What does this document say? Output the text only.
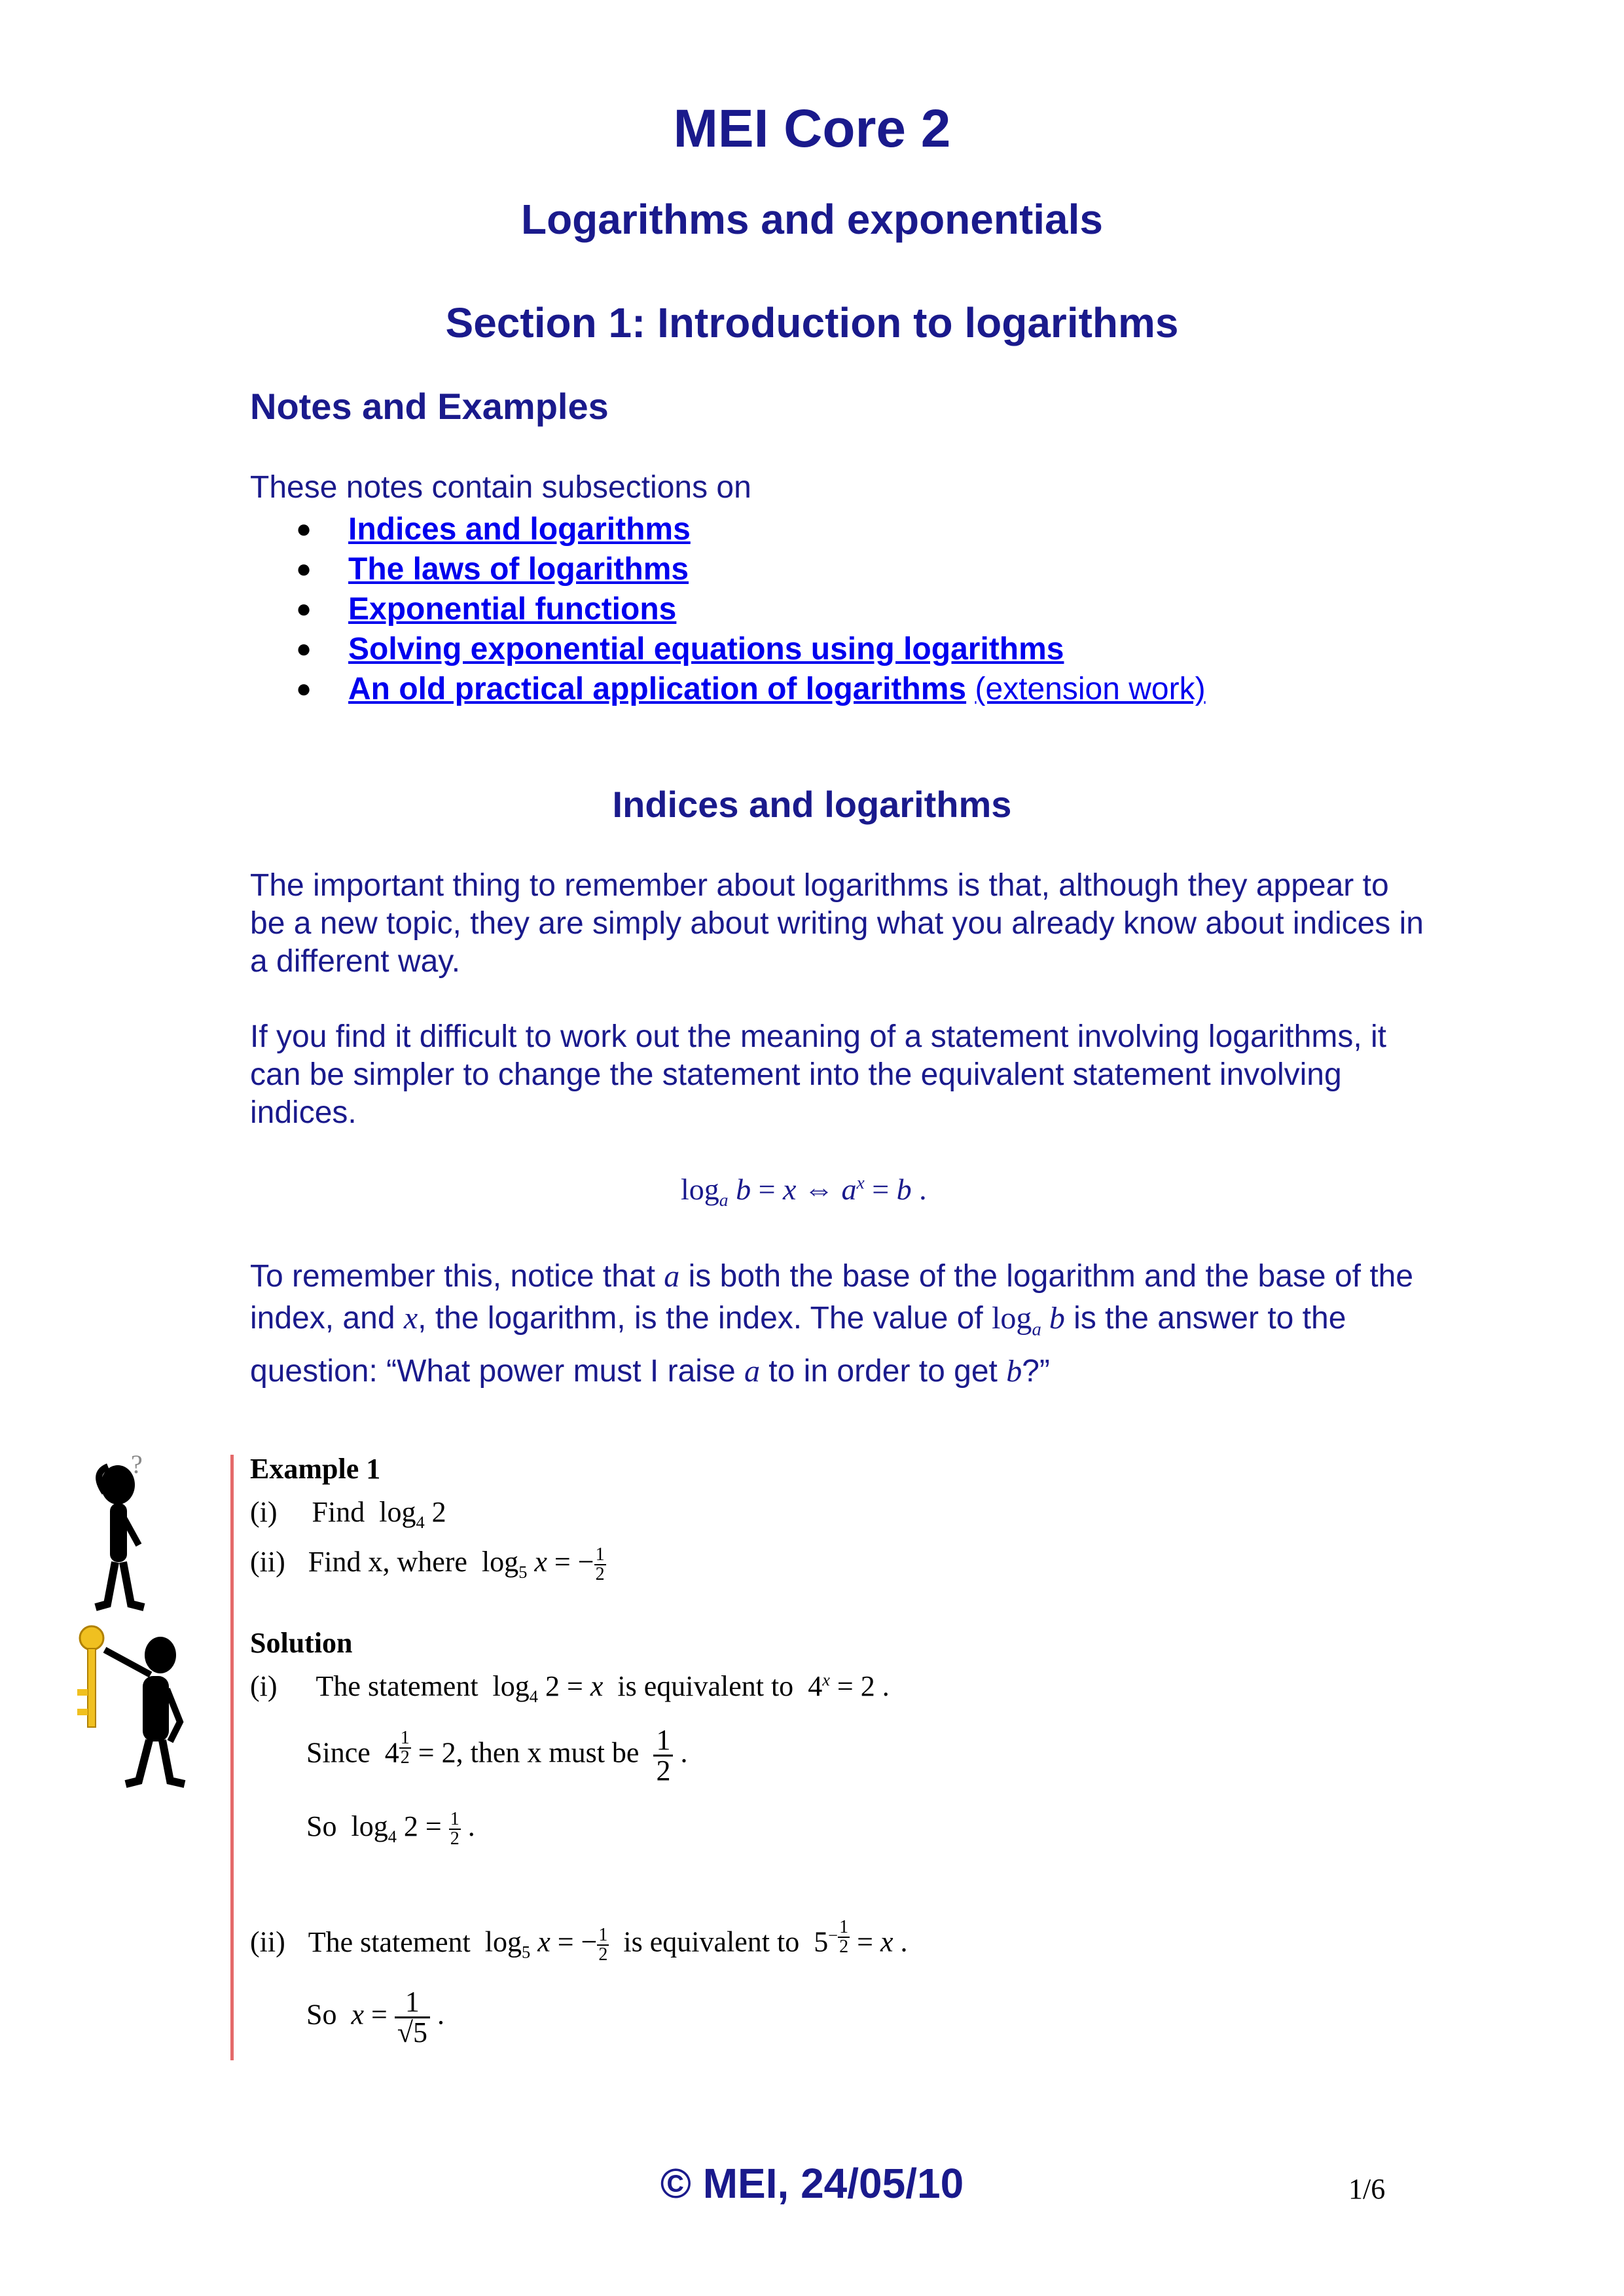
MEI Core 2
Logarithms and exponentials
Section 1: Introduction to logarithms
Notes and Examples
These notes contain subsections on
● Indices and logarithms
● The laws of logarithms
● Exponential functions
● Solving exponential equations using logarithms
● An old practical application of logarithms (extension work)
Indices and logarithms

The important thing to remember about logarithms is that, although they appear to be a new topic, they are simply about writing what you already know about indices in a different way.

If you find it difficult to work out the meaning of a statement involving logarithms, it can be simpler to change the statement into the equivalent statement involving indices.

$\log_a b = x$ ⇔ $a^x = b$ .

To remember this, notice that a is both the base of the logarithm and the base of the index, and x, the logarithm, is the index. The value of $\log_a b$ is the answer to the question: “What power must I raise a to in order to get b?”

?	Example 1
(i) Find  $\log_4 2$
(ii) Find x, where  $\log_5 x$ = − $\frac{1}{2}$
Solution
(i) The statement  $\log_4 2 = x$ is equivalent to  $4^x = 2$ .
Since  4 $^{\frac{1}{2}}$ = 2, then x must be $\frac{1}{2}$ .
So  $\log_4 2 = \frac{1}{2}$ .
(ii) The statement  $\log_5 x$ = − $\frac{1}{2}$ is equivalent to  $5^{- \frac{1}{2}} = x$ .
So $x = \frac{1}{√5}$ .
© MEI, 24/05/10	1/6
